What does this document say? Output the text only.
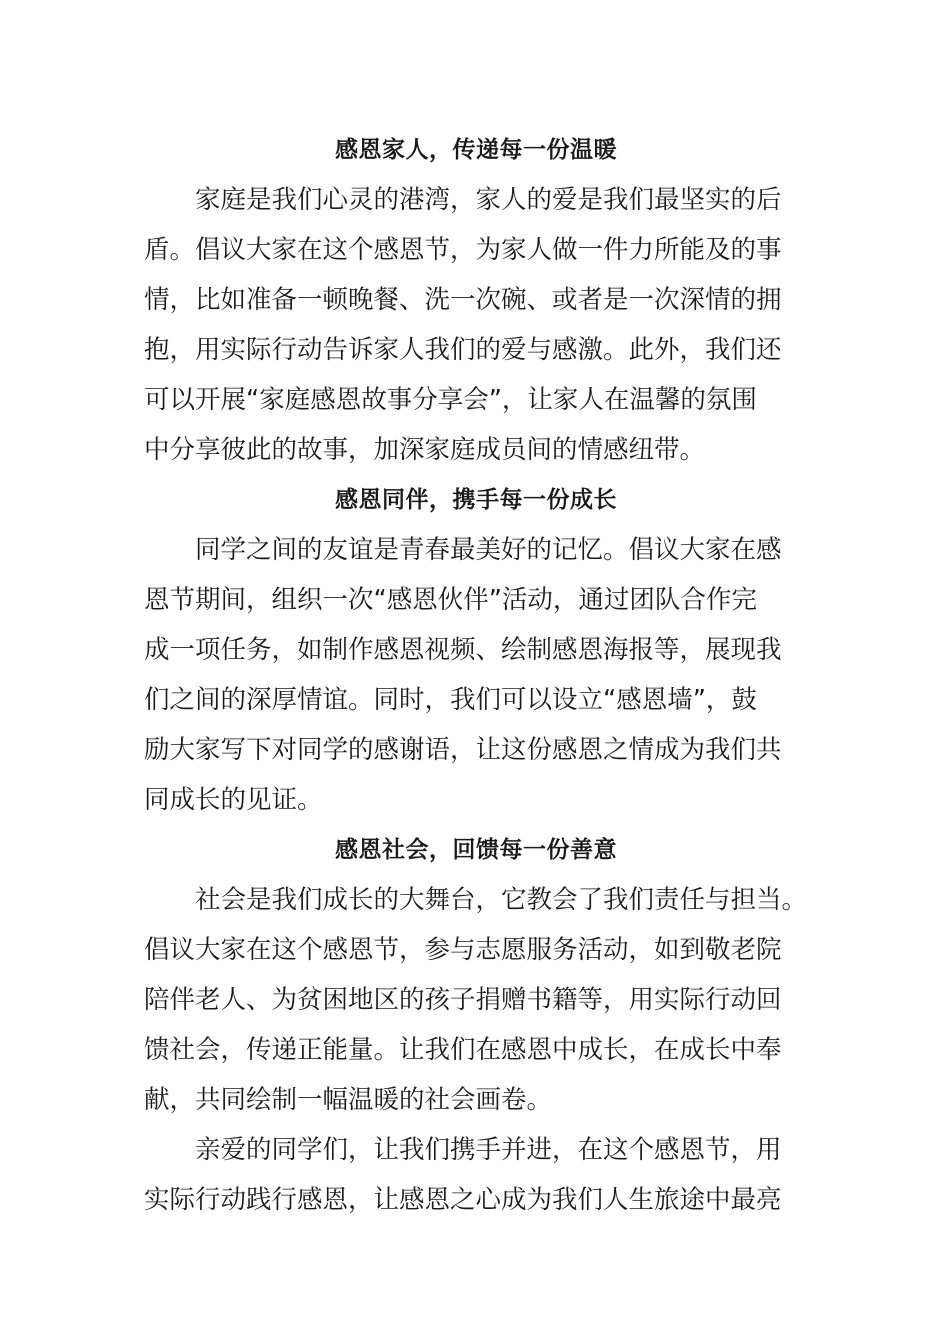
感恩家人，传递每一份温暖

家庭是我们心灵的港湾，家人的爱是我们最坚实的后
盾。倡议大家在这个感恩节，为家人做一件力所能及的事
情，比如准备一顿晚餐、洗一次碗、或者是一次深情的拥
抱，用实际行动告诉家人我们的爱与感激。此外，我们还
可以开展“家庭感恩故事分享会”，让家人在温馨的氛围
中分享彼此的故事，加深家庭成员间的情感纽带。

感恩同伴，携手每一份成长

同学之间的友谊是青春最美好的记忆。倡议大家在感
恩节期间，组织一次“感恩伙伴”活动，通过团队合作完
成一项任务，如制作感恩视频、绘制感恩海报等，展现我
们之间的深厚情谊。同时，我们可以设立“感恩墙”，鼓
励大家写下对同学的感谢语，让这份感恩之情成为我们共
同成长的见证。

感恩社会，回馈每一份善意

社会是我们成长的大舞台，它教会了我们责任与担当。
倡议大家在这个感恩节，参与志愿服务活动，如到敬老院
陪伴老人、为贫困地区的孩子捐赠书籍等，用实际行动回
馈社会，传递正能量。让我们在感恩中成长，在成长中奉
献，共同绘制一幅温暖的社会画卷。

亲爱的同学们，让我们携手并进，在这个感恩节，用
实际行动践行感恩，让感恩之心成为我们人生旅途中最亮
